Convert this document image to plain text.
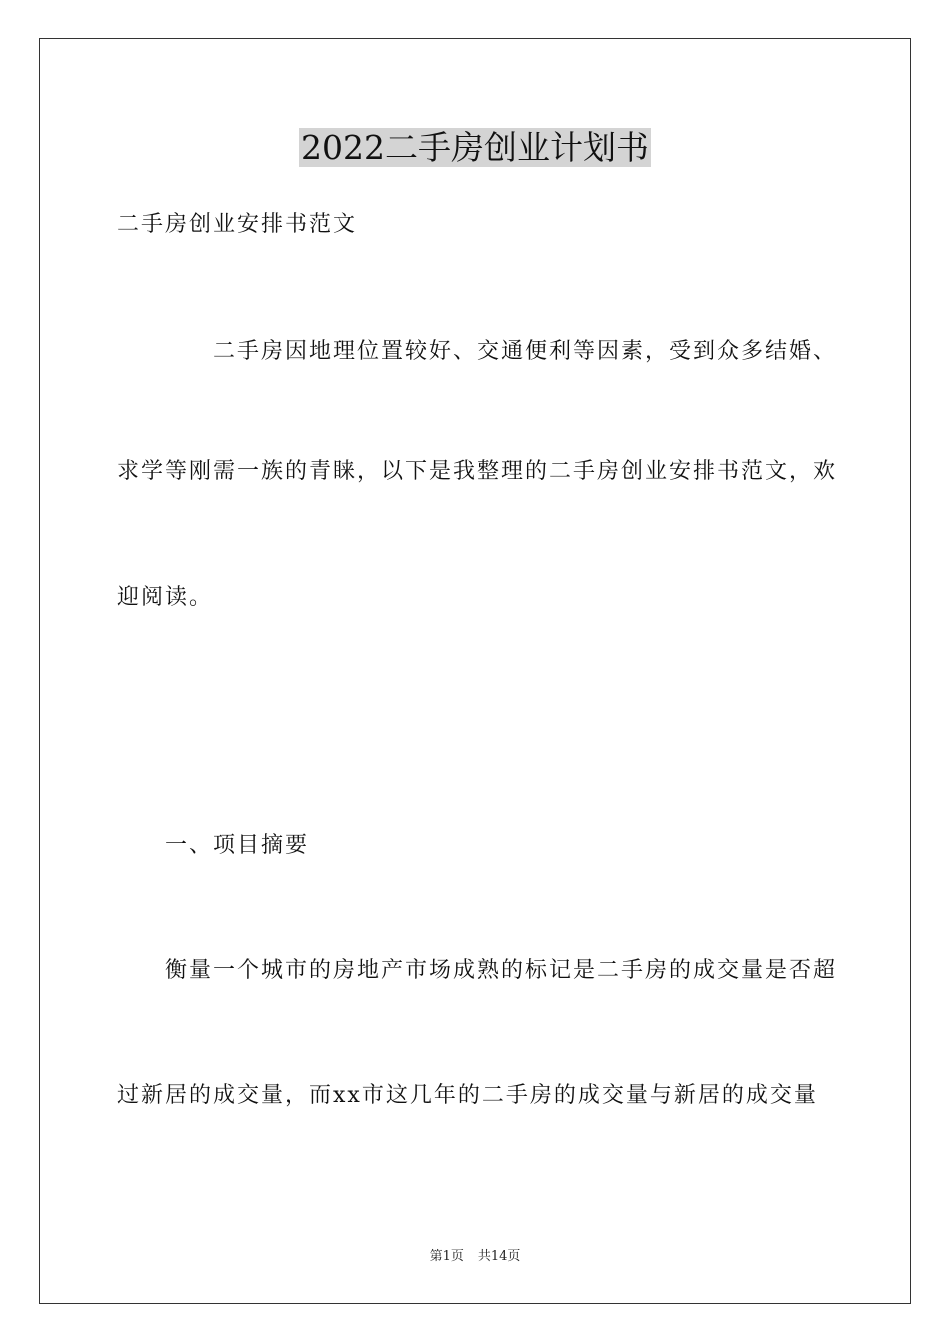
2022二手房创业计划书
二手房创业安排书范文
二手房因地理位置较好、交通便利等因素，受到众多结婚、
求学等刚需一族的青睐，以下是我整理的二手房创业安排书范文，欢
迎阅读。
一、项目摘要
衡量一个城市的房地产市场成熟的标记是二手房的成交量是否超
过新居的成交量，而xx市这几年的二手房的成交量与新居的成交量
第1页 共14页
